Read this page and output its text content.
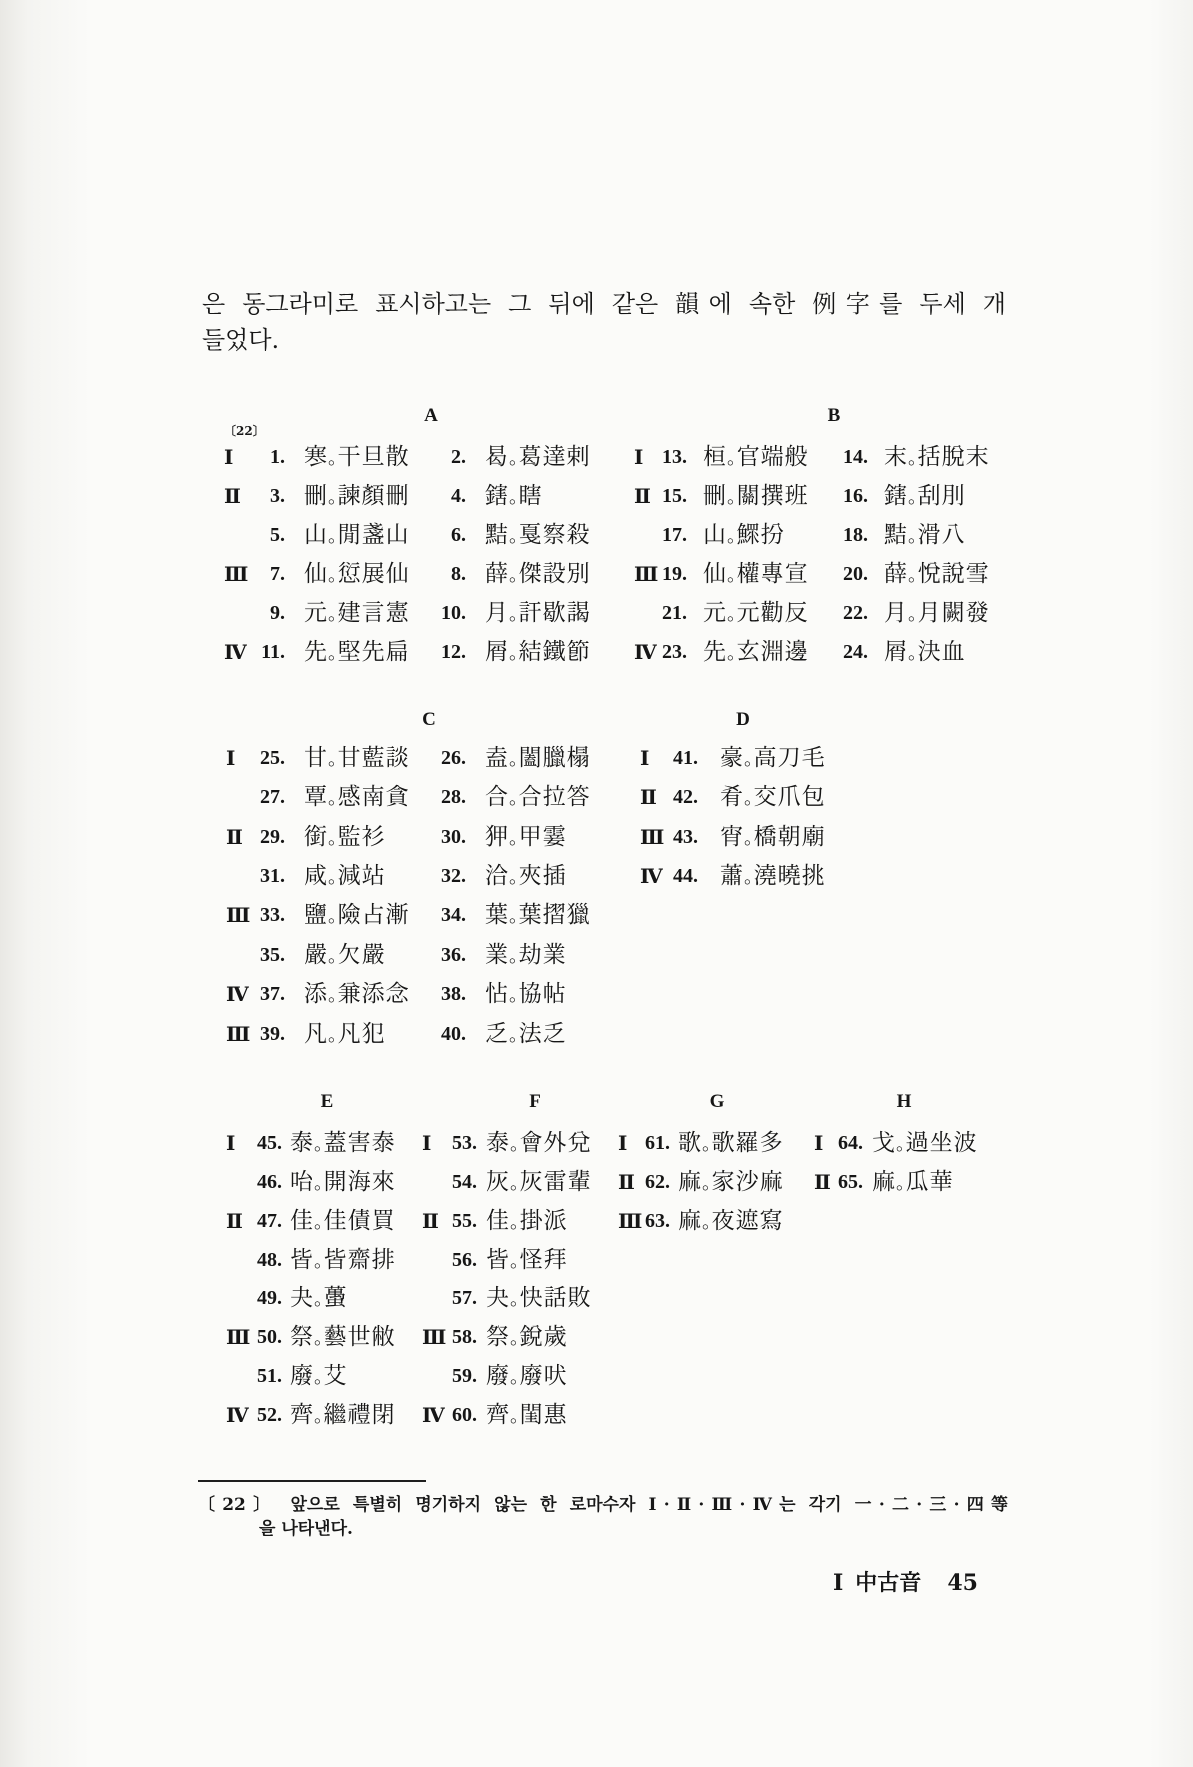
은 동그라미로 표시하고는 그 뒤에 같은 韻에 속한 例字를 두세 개
들었다.
〔22〕
A	B
Ⅰ	1. 寒。干旦散	2. 曷。葛達剌 Ⅰ 13. 桓。官端般	14. 末。括脫末
Ⅱ	3. 刪。諫顏刪	4. 鎋。瞎	Ⅱ 15. 刪。關撰班	16. 鎋。刮刖
5. 山。閒盞山	6. 黠。戛察殺	17. 山。鰥扮	18. 黠。滑八
Ⅲ	7. 仙。愆展仙	8. 薛。傑設別 Ⅲ 19. 仙。權專宣	20. 薛。悅說雪
9. 元。建言憲	10. 月。訐歇謁	21. 元。元勸反	22. 月。月闕發
Ⅳ 11. 先。堅先扁	12. 屑。結鐵節 Ⅳ 23. 先。玄淵邊	24. 屑。決血
C	D
Ⅰ	25. 甘。甘藍談	26. 盍。闔臘榻 Ⅰ	41. 豪。高刀毛
27. 覃。感南貪	28. 合。合拉答 Ⅱ 42. 肴。交爪包
Ⅱ 29. 銜。監衫	30. 狎。甲霎	Ⅲ 43. 宵。橋朝廟
31. 咸。減站	32. 洽。夾插	Ⅳ 44. 蕭。澆曉挑
Ⅲ 33. 鹽。險占漸	34. 葉。葉摺獵
35. 嚴。欠嚴	36. 業。劫業
Ⅳ 37. 添。兼添念	38. 怗。協帖
Ⅲ 39. 凡。凡犯	40. 乏。法乏
E	F	G	H
Ⅰ	45. 泰。蓋害泰 Ⅰ	53. 泰。會外兌 Ⅰ 61. 歌。歌羅多 Ⅰ 64. 戈。過坐波
46. 咍。開海來	54. 灰。灰雷輩 Ⅱ 62. 麻。家沙麻 Ⅱ 65. 麻。瓜華
Ⅱ 47. 佳。佳債買 Ⅱ 55. 佳。掛派	Ⅲ 63. 麻。夜遮寫
48. 皆。皆齋排	56. 皆。怪拜
49. 夬。蠆	57. 夬。快話敗
Ⅲ 50. 祭。藝世敝 Ⅲ 58. 祭。銳歲
51. 廢。艾	59. 廢。廢吠
Ⅳ 52. 齊。繼禮閉 Ⅳ 60. 齊。閨惠
〔22〕 앞으로 특별히 명기하지 않는 한 로마수자 Ⅰ·Ⅱ·Ⅲ·Ⅳ는 각기 一·二·三·四等
을 나타낸다.
Ⅰ 中古音 45
